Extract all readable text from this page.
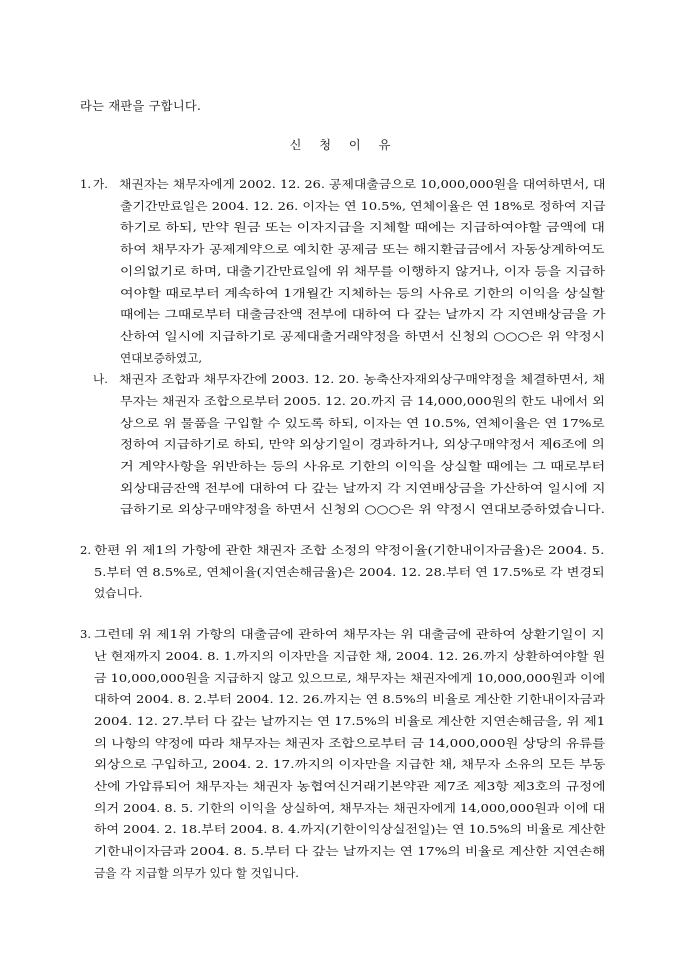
라는 재판을 구합니다.
신 청 이 유
1. 가. 채권자는 채무자에게 2002. 12. 26. 공제대출금으로 10,000,000원을 대여하면서, 대
출기간만료일은 2004. 12. 26. 이자는 연 10.5%, 연체이율은 연 18%로 정하여 지급
하기로 하되, 만약 원금 또는 이자지급을 지체할 때에는 지급하여야할 금액에 대
하여 채무자가 공제계약으로 예치한 공제금 또는 해지환급금에서 자동상계하여도
이의없기로 하며, 대출기간만료일에 위 채무를 이행하지 않거나, 이자 등을 지급하
여야할 때로부터 계속하여 1개월간 지체하는 등의 사유로 기한의 이익을 상실할
때에는 그때로부터 대출금잔액 전부에 대하여 다 갚는 날까지 각 지연배상금을 가
산하여 일시에 지급하기로 공제대출거래약정을 하면서 신청외 ○○○은 위 약정시
연대보증하였고,
나. 채권자 조합과 채무자간에 2003. 12. 20. 농축산자재외상구매약정을 체결하면서, 채
무자는 채권자 조합으로부터 2005. 12. 20.까지 금 14,000,000원의 한도 내에서 외
상으로 위 물품을 구입할 수 있도록 하되, 이자는 연 10.5%, 연체이율은 연 17%로
정하여 지급하기로 하되, 만약 외상기일이 경과하거나, 외상구매약정서 제6조에 의
거 계약사항을 위반하는 등의 사유로 기한의 이익을 상실할 때에는 그 때로부터
외상대금잔액 전부에 대하여 다 갚는 날까지 각 지연배상금을 가산하여 일시에 지
급하기로 외상구매약정을 하면서 신청외 ○○○은 위 약정시 연대보증하였습니다.
2. 한편 위 제1의 가항에 관한 채권자 조합 소정의 약정이율(기한내이자금율)은 2004. 5.
5.부터 연 8.5%로, 연체이율(지연손해금율)은 2004. 12. 28.부터 연 17.5%로 각 변경되
었습니다.
3. 그런데 위 제1위 가항의 대출금에 관하여 채무자는 위 대출금에 관하여 상환기일이 지
난 현재까지 2004. 8. 1.까지의 이자만을 지급한 채, 2004. 12. 26.까지 상환하여야할 원
금 10,000,000원을 지급하지 않고 있으므로, 채무자는 채권자에게 10,000,000원과 이에
대하여 2004. 8. 2.부터 2004. 12. 26.까지는 연 8.5%의 비율로 계산한 기한내이자금과
2004. 12. 27.부터 다 갚는 날까지는 연 17.5%의 비율로 계산한 지연손해금을, 위 제1
의 나항의 약정에 따라 채무자는 채권자 조합으로부터 금 14,000,000원 상당의 유류를
외상으로 구입하고, 2004. 2. 17.까지의 이자만을 지급한 채, 채무자 소유의 모든 부동
산에 가압류되어 채무자는 채권자 농협여신거래기본약관 제7조 제3항 제3호의 규정에
의거 2004. 8. 5. 기한의 이익을 상실하여, 채무자는 채권자에게 14,000,000원과 이에 대
하여 2004. 2. 18.부터 2004. 8. 4.까지(기한이익상실전일)는 연 10.5%의 비율로 계산한
기한내이자금과 2004. 8. 5.부터 다 갚는 날까지는 연 17%의 비율로 계산한 지연손해
금을 각 지급할 의무가 있다 할 것입니다.
